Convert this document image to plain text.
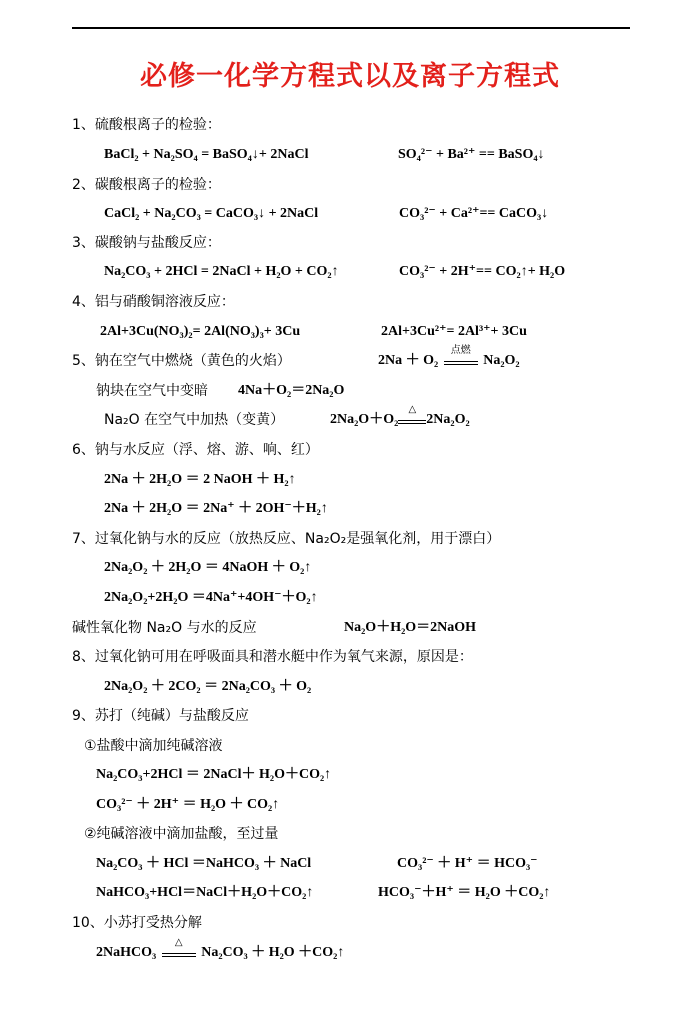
必修一化学方程式以及离子方程式
1、硫酸根离子的检验：
BaCl₂ + Na₂SO₄ = BaSO₄↓+ 2NaCl	SO₄²⁻ + Ba²⁺ == BaSO₄↓
2、碳酸根离子的检验：
CaCl₂ + Na₂CO₃ = CaCO₃↓ + 2NaCl	CO₃²⁻ + Ca²⁺== CaCO₃↓
3、碳酸钠与盐酸反应：
Na₂CO₃ + 2HCl = 2NaCl + H₂O + CO₂↑	CO₃²⁻ + 2H⁺== CO₂↑+ H₂O
4、铝与硝酸铜溶液反应：
2Al+3Cu(NO₃)₂= 2Al(NO₃)₃+ 3Cu	2Al+3Cu²⁺= 2Al³⁺+ 3Cu
5、钠在空气中燃烧（黄色的火焰）	2Na ＋ O₂
点燃
Na₂O₂
钠块在空气中变暗 4Na＋O₂＝2Na₂O
Na₂O 在空气中加热（变黄）	2Na₂O＋O₂
△
2Na₂O₂
6、钠与水反应（浮、熔、游、响、红）
2Na ＋ 2H₂O ＝ 2 NaOH ＋ H₂↑
2Na ＋ 2H₂O ＝ 2Na⁺ ＋ 2OH⁻＋H₂↑
7、过氧化钠与水的反应（放热反应、Na₂O₂是强氧化剂，用于漂白）
2Na₂O₂ ＋ 2H₂O ＝ 4NaOH ＋ O₂↑
2Na₂O₂+2H₂O ＝4Na⁺+4OH⁻＋O₂↑
碱性氧化物 Na₂O 与水的反应	Na₂O＋H₂O＝2NaOH
8、过氧化钠可用在呼吸面具和潜水艇中作为氧气来源，原因是：
2Na₂O₂ ＋ 2CO₂ ＝ 2Na₂CO₃ ＋ O₂
9、苏打（纯碱）与盐酸反应
①盐酸中滴加纯碱溶液
Na₂CO₃+2HCl ＝ 2NaCl＋ H₂O＋CO₂↑
CO₃²⁻ ＋ 2H⁺ ＝ H₂O ＋ CO₂↑
②纯碱溶液中滴加盐酸，至过量
Na₂CO₃ ＋ HCl ＝NaHCO₃ ＋ NaCl	CO₃²⁻ ＋ H⁺ ＝ HCO₃⁻
NaHCO₃+HCl＝NaCl＋H₂O＋CO₂↑	HCO₃⁻＋H⁺ ＝ H₂O ＋CO₂↑
10、小苏打受热分解
2NaHCO₃
△
Na₂CO₃ ＋ H₂O ＋CO₂↑
